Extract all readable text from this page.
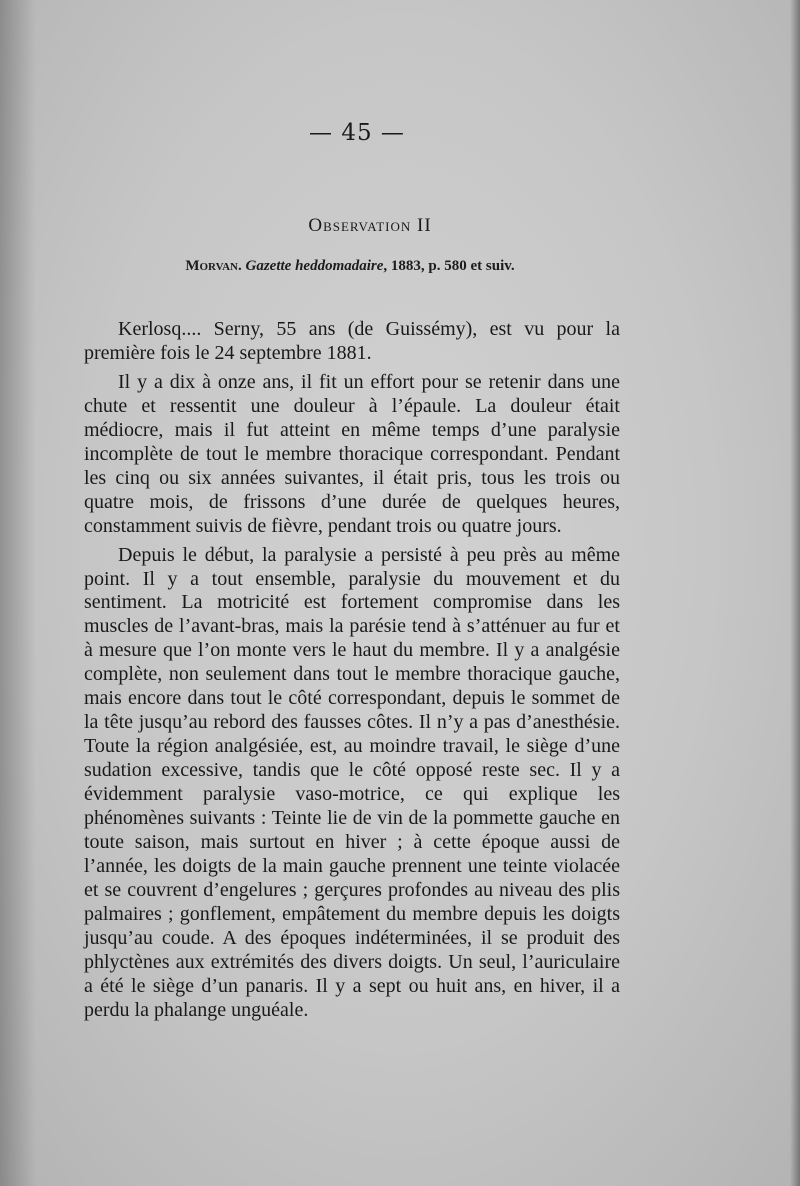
— 45 —
Observation II
Morvan. Gazette heddomadaire, 1883, p. 580 et suiv.

Kerlosq.... Serny, 55 ans (de Guissémy), est vu pour la première fois le 24 septembre 1881.

Il y a dix à onze ans, il fit un effort pour se retenir dans une chute et ressentit une douleur à l’épaule. La douleur était médiocre, mais il fut atteint en même temps d’une paralysie incomplète de tout le membre thoracique correspondant. Pendant les cinq ou six années suivantes, il était pris, tous les trois ou quatre mois, de frissons d’une durée de quelques heures, constamment suivis de fièvre, pendant trois ou quatre jours.

Depuis le début, la paralysie a persisté à peu près au même point. Il y a tout ensemble, paralysie du mouvement et du sentiment. La motricité est fortement compromise dans les muscles de l’avant-bras, mais la parésie tend à s’atténuer au fur et à mesure que l’on monte vers le haut du membre. Il y a analgésie complète, non seulement dans tout le membre thoracique gauche, mais encore dans tout le côté correspondant, depuis le sommet de la tête jusqu’au rebord des fausses côtes. Il n’y a pas d’anesthésie. Toute la région analgésiée, est, au moindre travail, le siège d’une sudation excessive, tandis que le côté opposé reste sec. Il y a évidemment paralysie vaso-motrice, ce qui explique les phénomènes suivants : Teinte lie de vin de la pommette gauche en toute saison, mais surtout en hiver ; à cette époque aussi de l’année, les doigts de la main gauche prennent une teinte violacée et se couvrent d’engelures ; gerçures profondes au niveau des plis palmaires ; gonflement, empâtement du membre depuis les doigts jusqu’au coude. A des époques indéterminées, il se produit des phlyctènes aux extrémités des divers doigts. Un seul, l’auriculaire a été le siège d’un panaris. Il y a sept ou huit ans, en hiver, il a perdu la phalange unguéale.
